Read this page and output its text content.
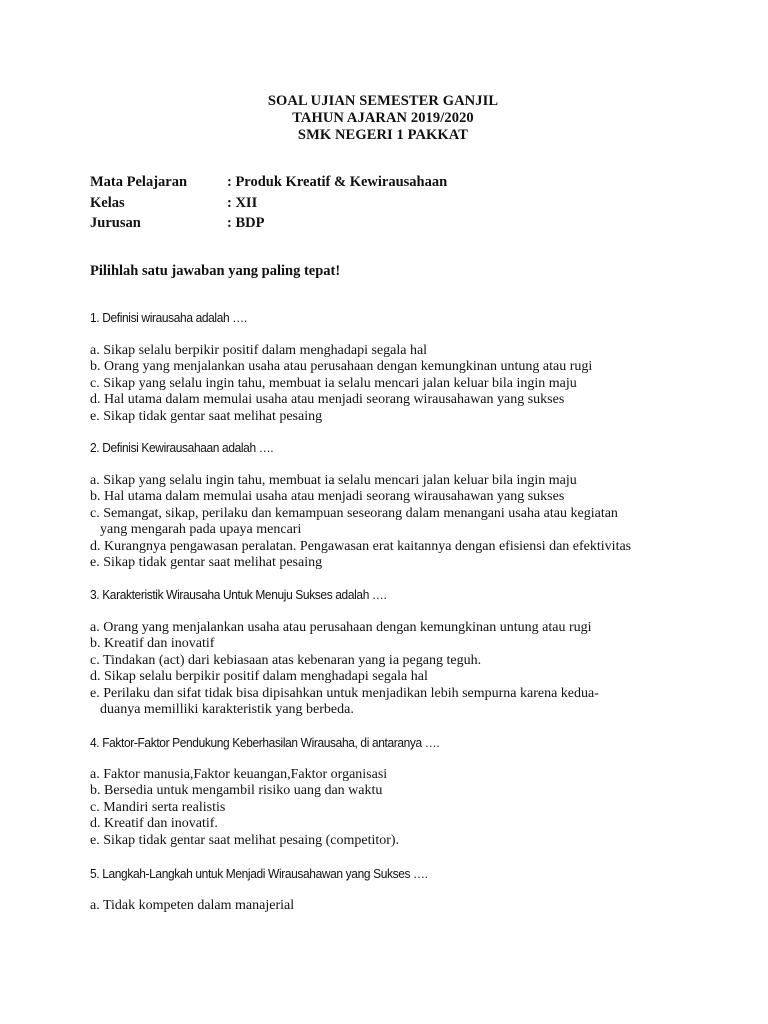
SOAL UJIAN SEMESTER GANJIL
TAHUN AJARAN 2019/2020
SMK NEGERI 1 PAKKAT
Mata Pelajaran	: Produk Kreatif & Kewirausahaan
Kelas	: XII
Jurusan	: BDP
Pilihlah satu jawaban yang paling tepat!
1. Definisi wirausaha adalah ….
a. Sikap selalu berpikir positif dalam menghadapi segala hal
b. Orang yang menjalankan usaha atau perusahaan dengan kemungkinan untung atau rugi
c. Sikap yang selalu ingin tahu, membuat ia selalu mencari jalan keluar bila ingin maju
d. Hal utama dalam memulai usaha atau menjadi seorang wirausahawan yang sukses
e. Sikap tidak gentar saat melihat pesaing
2. Definisi Kewirausahaan adalah ….
a. Sikap yang selalu ingin tahu, membuat ia selalu mencari jalan keluar bila ingin maju
b. Hal utama dalam memulai usaha atau menjadi seorang wirausahawan yang sukses
c. Semangat, sikap, perilaku dan kemampuan seseorang dalam menangani usaha atau kegiatan
yang mengarah pada upaya mencari
d. Kurangnya pengawasan peralatan. Pengawasan erat kaitannya dengan efisiensi dan efektivitas
e. Sikap tidak gentar saat melihat pesaing
3. Karakteristik Wirausaha Untuk Menuju Sukses adalah ….
a. Orang yang menjalankan usaha atau perusahaan dengan kemungkinan untung atau rugi
b. Kreatif dan inovatif
c. Tindakan (act) dari kebiasaan atas kebenaran yang ia pegang teguh.
d. Sikap selalu berpikir positif dalam menghadapi segala hal
e. Perilaku dan sifat tidak bisa dipisahkan untuk menjadikan lebih sempurna karena kedua-
duanya memilliki karakteristik yang berbeda.
4. Faktor-Faktor Pendukung Keberhasilan Wirausaha, di antaranya ….
a. Faktor manusia,Faktor keuangan,Faktor organisasi
b. Bersedia untuk mengambil risiko uang dan waktu
c. Mandiri serta realistis
d. Kreatif dan inovatif.
e. Sikap tidak gentar saat melihat pesaing (competitor).
5. Langkah-Langkah untuk Menjadi Wirausahawan yang Sukses ….
a. Tidak kompeten dalam manajerial
